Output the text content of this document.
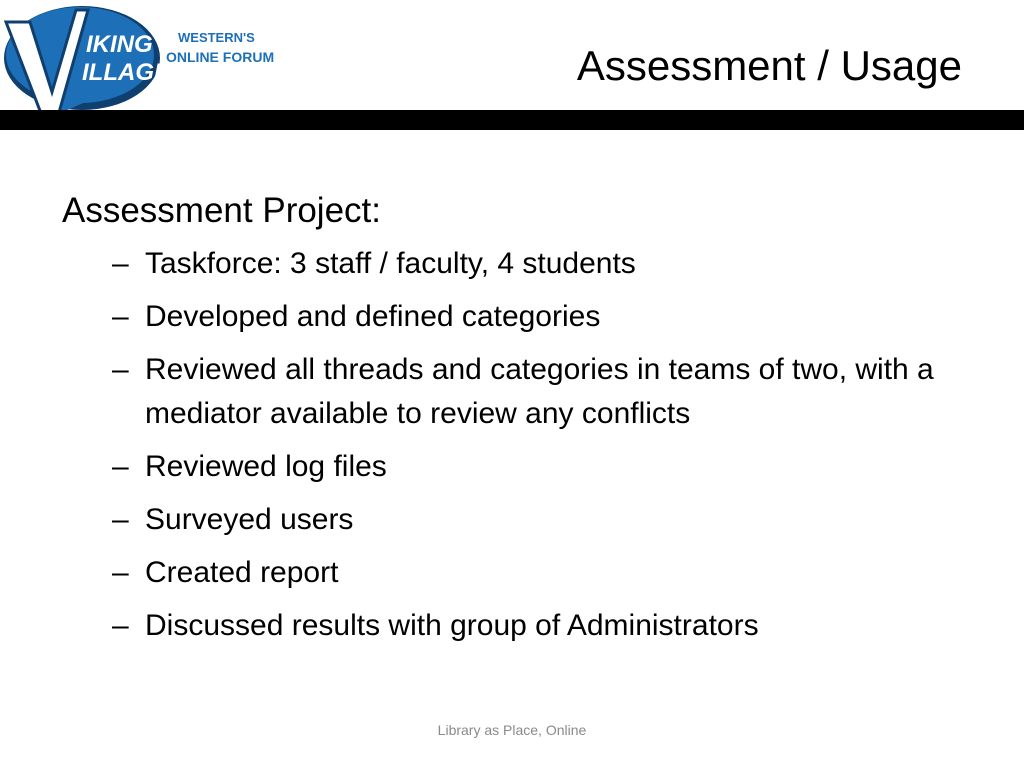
IKING
ILLAGE
WESTERN'S
ONLINE FORUM	Assessment / Usage
Assessment Project:
– Taskforce: 3 staff / faculty, 4 students
– Developed and defined categories
– Reviewed all threads and categories in teams of two, with a mediator available to review any conflicts
– Reviewed log files
– Surveyed users
– Created report
– Discussed results with group of Administrators
Library as Place, Online
